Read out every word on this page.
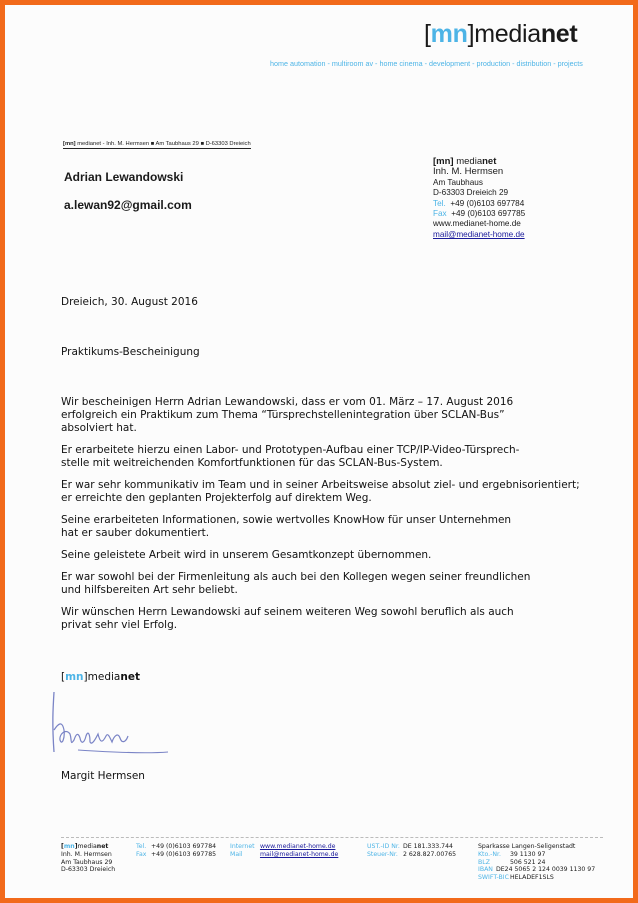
[mn]medianet
home automation - multiroom av - home cinema - development - production - distribution - projects
[mn] medianet - Inh. M. Hermsen ■ Am Taubhaus 29 ■ D-63303 Dreieich
Adrian Lewandowski
a.lewan92@gmail.com
[mn] medianet
Inh. M. Hermsen
Am Taubhaus
D-63303 Dreieich 29
Tel. +49 (0)6103 697784
Fax +49 (0)6103 697785
www.medianet-home.de
mail@medianet-home.de
Dreieich, 30. August 2016
Praktikums-Bescheinigung

Wir bescheinigen Herrn Adrian Lewandowski, dass er vom 01. März – 17. August 2016
erfolgreich ein Praktikum zum Thema “Türsprechstellenintegration über SCLAN-Bus”
absolviert hat.

Er erarbeitete hierzu einen Labor- und Prototypen-Aufbau einer TCP/IP-Video-Türsprech-
stelle mit weitreichenden Komfortfunktionen für das SCLAN-Bus-System.

Er war sehr kommunikativ im Team und in seiner Arbeitsweise absolut ziel- und ergebnisorientiert;
er erreichte den geplanten Projekterfolg auf direktem Weg.

Seine erarbeiteten Informationen, sowie wertvolles KnowHow für unser Unternehmen
hat er sauber dokumentiert.

Seine geleistete Arbeit wird in unserem Gesamtkonzept übernommen.

Er war sowohl bei der Firmenleitung als auch bei den Kollegen wegen seiner freundlichen
und hilfsbereiten Art sehr beliebt.

Wir wünschen Herrn Lewandowski auf seinem weiteren Weg sowohl beruflich als auch
privat sehr viel Erfolg.

[mn]medianet
Margit Hermsen
[mn]medianet
Inh. M. Hermsen
Am Taubhaus 29
D-63303 Dreieich
Tel. +49 (0)6103 697784
Fax +49 (0)6103 697785
Internet www.medianet-home.de
Mail	mail@medianet-home.de
UST.-ID Nr. DE 181.333.744
Steuer-Nr. 2 628.827.00765
Sparkasse Langen-Seligenstadt
Kto.-Nr. 39 1130 97
BLZ	506 521 24
IBAN DE24 5065 2 124 0039 1130 97
SWIFT-BIC HELADEF1SLS
